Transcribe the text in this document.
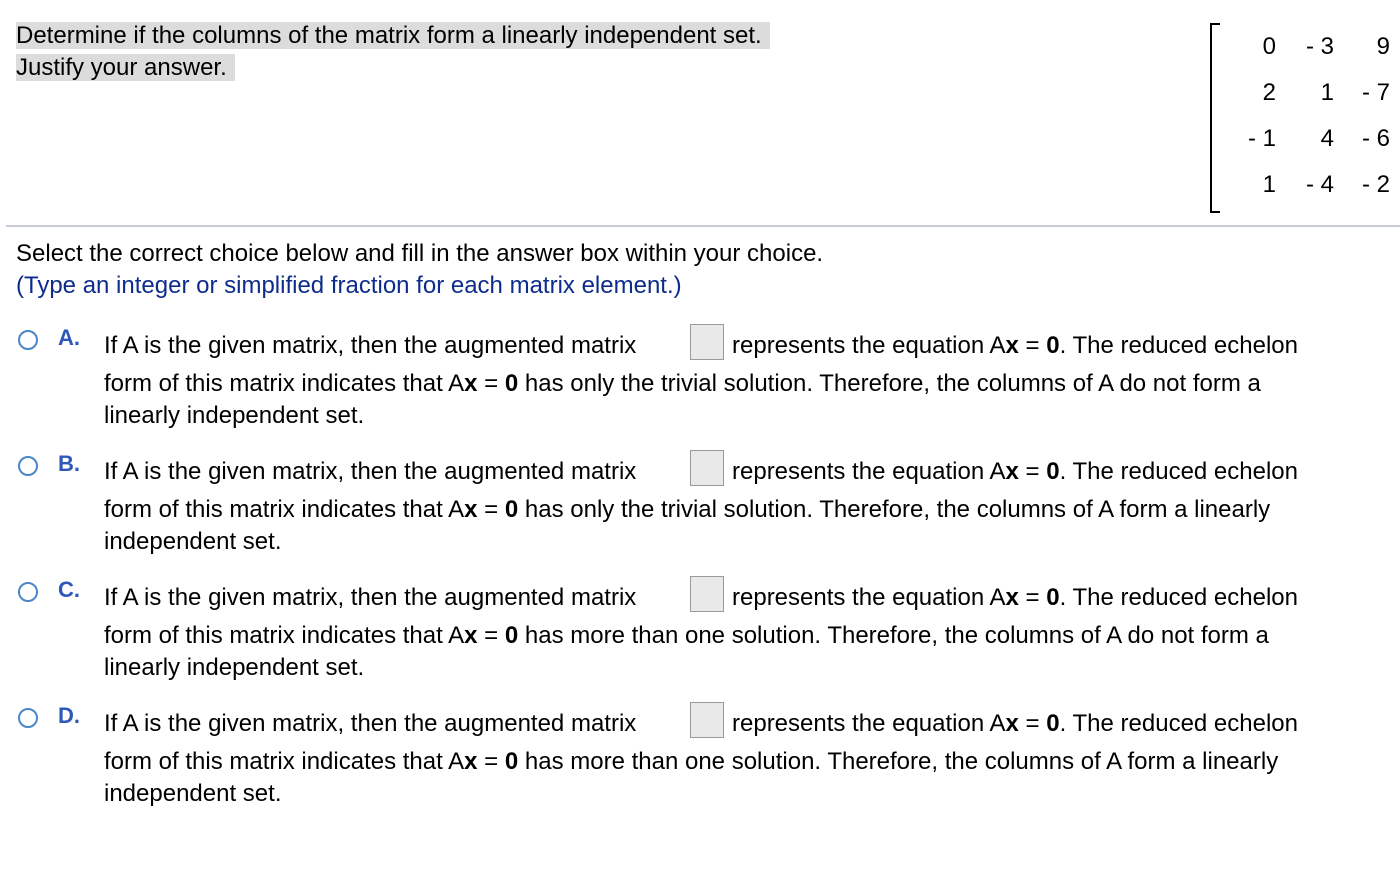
Determine if the columns of the matrix form a linearly independent set.
Justify your answer.
0	- 3	9
2	1	- 7
- 1	4	- 6
1	- 4	- 2
Select the correct choice below and fill in the answer box within your choice.
(Type an integer or simplified fraction for each matrix element.)
A. If A is the given matrix, then the augmented matrix	represents the equation Ax = 0. The reduced echelon
form of this matrix indicates that Ax = 0 has only the trivial solution. Therefore, the columns of A do not form a
linearly independent set.
B. If A is the given matrix, then the augmented matrix	represents the equation Ax = 0. The reduced echelon
form of this matrix indicates that Ax = 0 has only the trivial solution. Therefore, the columns of A form a linearly
independent set.
C. If A is the given matrix, then the augmented matrix	represents the equation Ax = 0. The reduced echelon
form of this matrix indicates that Ax = 0 has more than one solution. Therefore, the columns of A do not form a
linearly independent set.
D. If A is the given matrix, then the augmented matrix	represents the equation Ax = 0. The reduced echelon
form of this matrix indicates that Ax = 0 has more than one solution. Therefore, the columns of A form a linearly
independent set.
